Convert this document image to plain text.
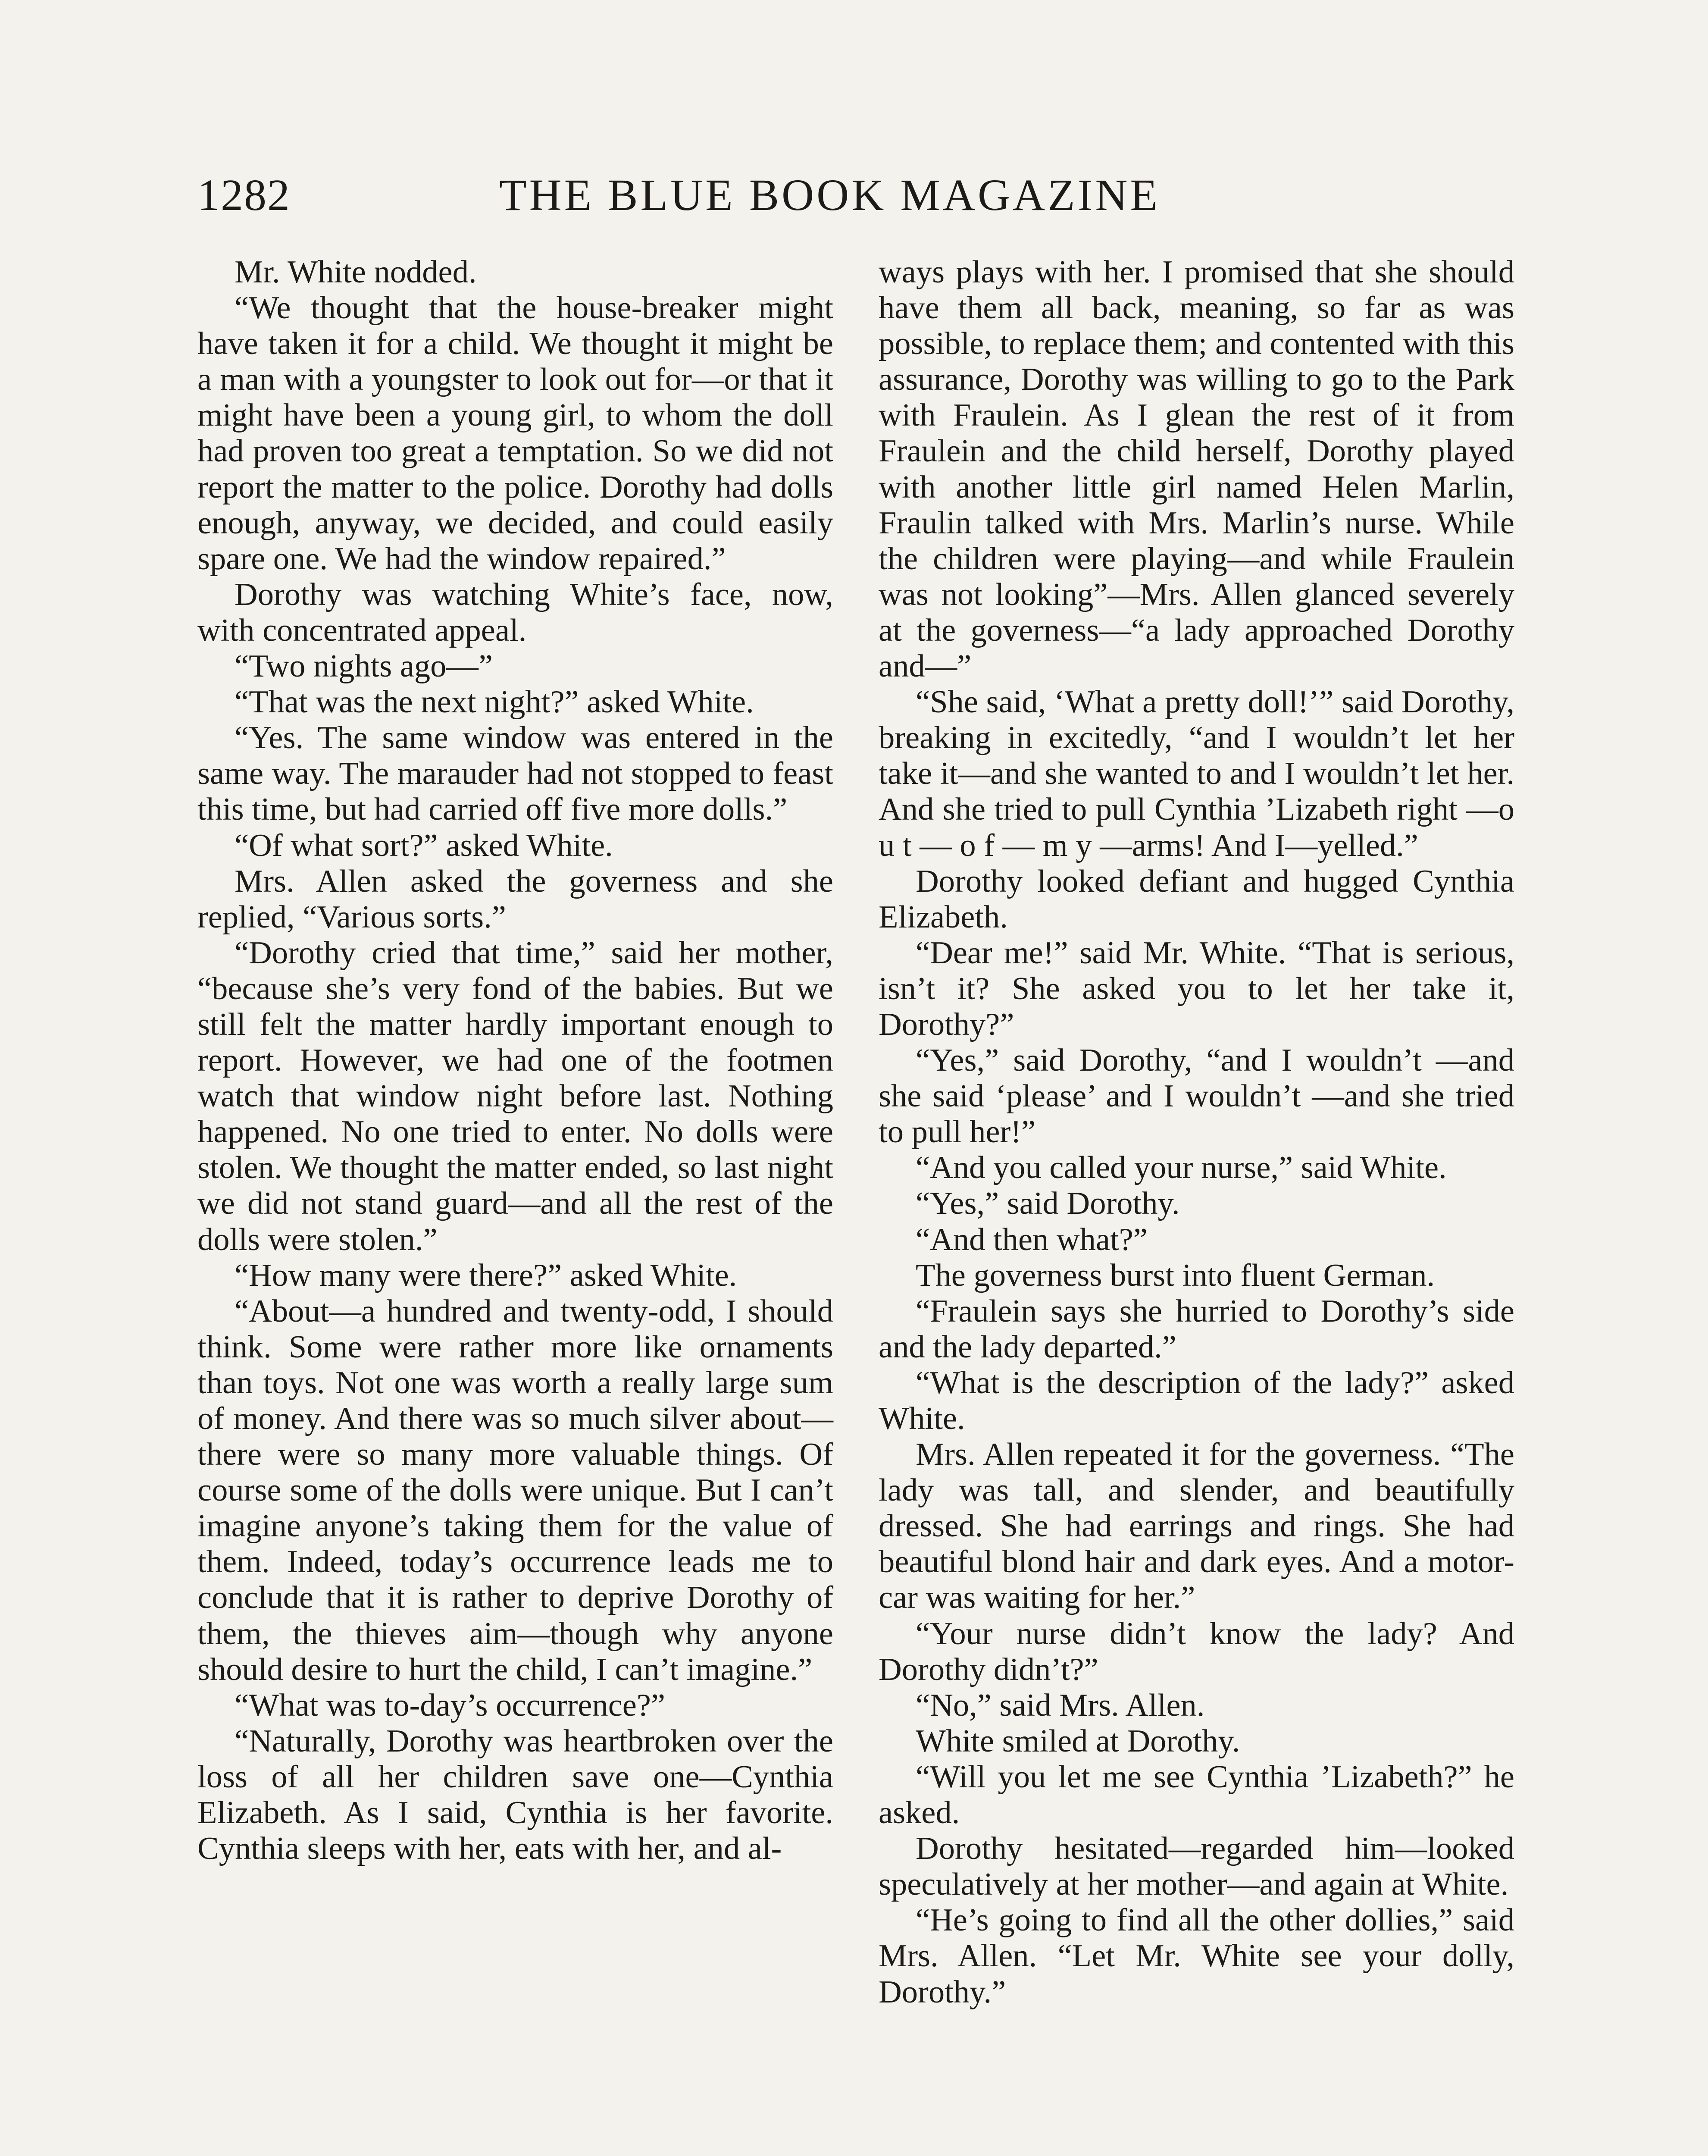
1282	THE BLUE BOOK MAGAZINE

Mr. White nodded.

“We thought that the house-breaker might have taken it for a child. We thought it might be a man with a youngster to look out for—or that it might have been a young girl, to whom the doll had proven too great a temptation. So we did not report the matter to the police. Dorothy had dolls enough, anyway, we decided, and could easily spare one. We had the window repaired.”

Dorothy was watching White’s face, now, with concentrated appeal.

“Two nights ago—”

“That was the next night?” asked White.

“Yes. The same window was entered in the same way. The marauder had not stopped to feast this time, but had carried off five more dolls.”

“Of what sort?” asked White.

Mrs. Allen asked the governess and she replied, “Various sorts.”

“Dorothy cried that time,” said her mother, “because she’s very fond of the babies. But we still felt the matter hardly important enough to report. However, we had one of the footmen watch that window night before last. Nothing happened. No one tried to enter. No dolls were stolen. We thought the matter ended, so last night we did not stand guard—and all the rest of the dolls were stolen.”

“How many were there?” asked White.

“About—a hundred and twenty-odd, I should think. Some were rather more like ornaments than toys. Not one was worth a really large sum of money. And there was so much silver about—there were so many more valuable things. Of course some of the dolls were unique. But I can’t imagine anyone’s taking them for the value of them. Indeed, today’s occurrence leads me to conclude that it is rather to deprive Dorothy of them, the thieves aim—though why anyone should desire to hurt the child, I can’t imagine.”

“What was to-day’s occurrence?”

“Naturally, Dorothy was heartbroken over the loss of all her children save one—Cynthia Elizabeth. As I said, Cynthia is her favorite. Cynthia sleeps with her, eats with her, and al-

ways plays with her. I promised that she should have them all back, meaning, so far as was possible, to replace them; and contented with this assurance, Dorothy was willing to go to the Park with Fraulein. As I glean the rest of it from Fraulein and the child herself, Dorothy played with another little girl named Helen Marlin, Fraulin talked with Mrs. Marlin’s nurse. While the children were playing—and while Fraulein was not looking”—Mrs. Allen glanced severely at the governess—“a lady approached Dorothy and—”

“She said, ‘What a pretty doll!’” said Dorothy, breaking in excitedly, “and I wouldn’t let her take it—and she wanted to and I wouldn’t let her. And she tried to pull Cynthia ’Lizabeth right —o u t — o f — m y —arms! And I—yelled.”

Dorothy looked defiant and hugged Cynthia Elizabeth.

“Dear me!” said Mr. White. “That is serious, isn’t it? She asked you to let her take it, Dorothy?”

“Yes,” said Dorothy, “and I wouldn’t —and she said ‘please’ and I wouldn’t —and she tried to pull her!”

“And you called your nurse,” said White.

“Yes,” said Dorothy.

“And then what?”

The governess burst into fluent German.

“Fraulein says she hurried to Dorothy’s side and the lady departed.”

“What is the description of the lady?” asked White.

Mrs. Allen repeated it for the governess. “The lady was tall, and slender, and beautifully dressed. She had earrings and rings. She had beautiful blond hair and dark eyes. And a motor-car was waiting for her.”

“Your nurse didn’t know the lady? And Dorothy didn’t?”

“No,” said Mrs. Allen.

White smiled at Dorothy.

“Will you let me see Cynthia ’Lizabeth?” he asked.

Dorothy hesitated—regarded him—looked speculatively at her mother—and again at White.

“He’s going to find all the other dollies,” said Mrs. Allen. “Let Mr. White see your dolly, Dorothy.”
